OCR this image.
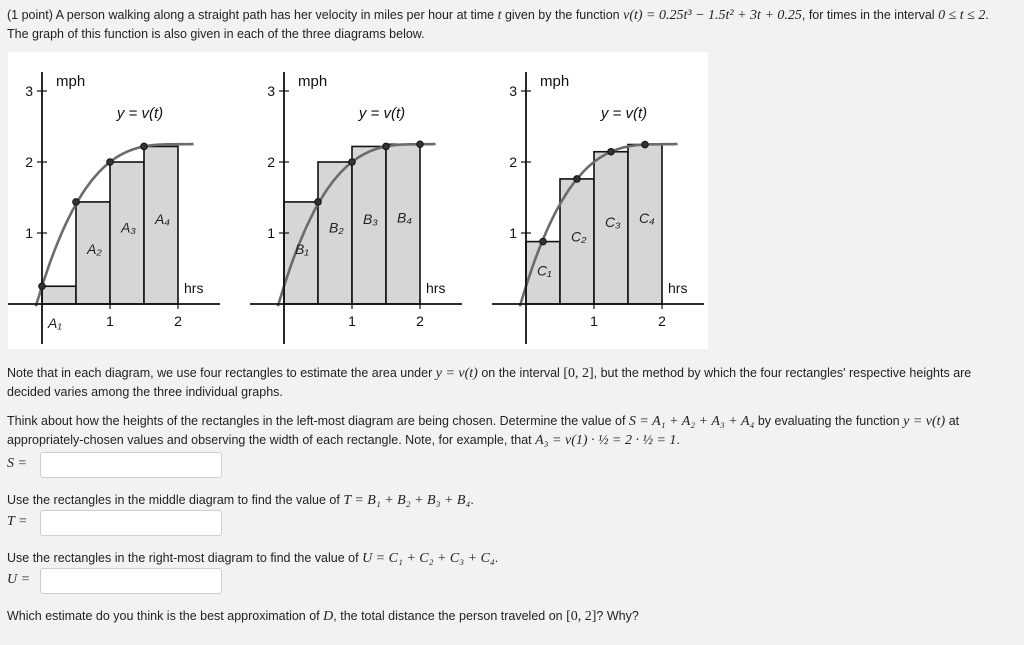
(1 point) A person walking along a straight path has her velocity in miles per hour at time t given by the function v(t) = 0.25t³ − 1.5t² + 3t + 0.25, for times in the interval 0 ≤ t ≤ 2. The graph of this function is also given in each of the three diagrams below.

1
2
3
1	2
mph
hrs
y = v(t)
A₁
A₂
A₃
A₄
1
2
3
1	2
mph
hrs
y = v(t)
B₁
B₂
B₃ B₄
1
2
3
1	2
mph
hrs
y = v(t)
C₁
C₂
C₃ C₄

Note that in each diagram, we use four rectangles to estimate the area under y = v(t) on the interval [0, 2], but the method by which the four rectangles' respective heights are decided varies among the three individual graphs.

Think about how the heights of the rectangles in the left-most diagram are being chosen. Determine the value of S = A₁ + A₂ + A₃ + A₄ by evaluating the function y = v(t) at appropriately-chosen values and observing the width of each rectangle. Note, for example, that A₃ = v(1) · ½ = 2 · ½ = 1.

S =

Use the rectangles in the middle diagram to find the value of T = B₁ + B₂ + B₃ + B₄.

T =

Use the rectangles in the right-most diagram to find the value of U = C₁ + C₂ + C₃ + C₄.

U =

Which estimate do you think is the best approximation of D, the total distance the person traveled on [0, 2]? Why?
